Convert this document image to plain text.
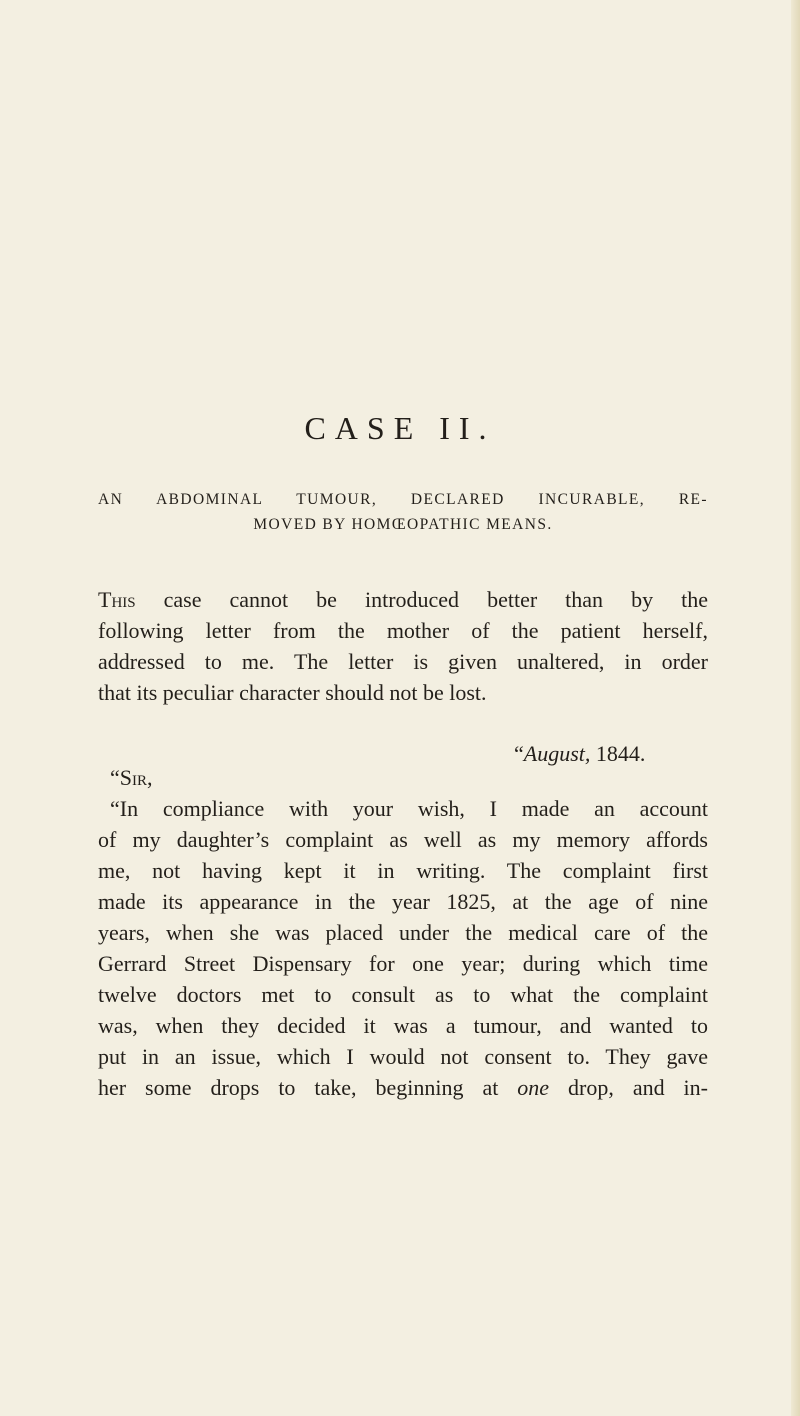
CASE II.
AN ABDOMINAL TUMOUR, DECLARED INCURABLE, RE-
MOVED BY HOMŒOPATHIC MEANS.
This case cannot be introduced better than by the
following letter from the mother of the patient herself,
addressed to me. The letter is given unaltered, in order
that its peculiar character should not be lost.
“August, 1844.
“Sir,
“In compliance with your wish, I made an account
of my daughter’s complaint as well as my memory affords
me, not having kept it in writing. The complaint first
made its appearance in the year 1825, at the age of nine
years, when she was placed under the medical care of the
Gerrard Street Dispensary for one year; during which time
twelve doctors met to consult as to what the complaint
was, when they decided it was a tumour, and wanted to
put in an issue, which I would not consent to. They gave
her some drops to take, beginning at one drop, and in-
